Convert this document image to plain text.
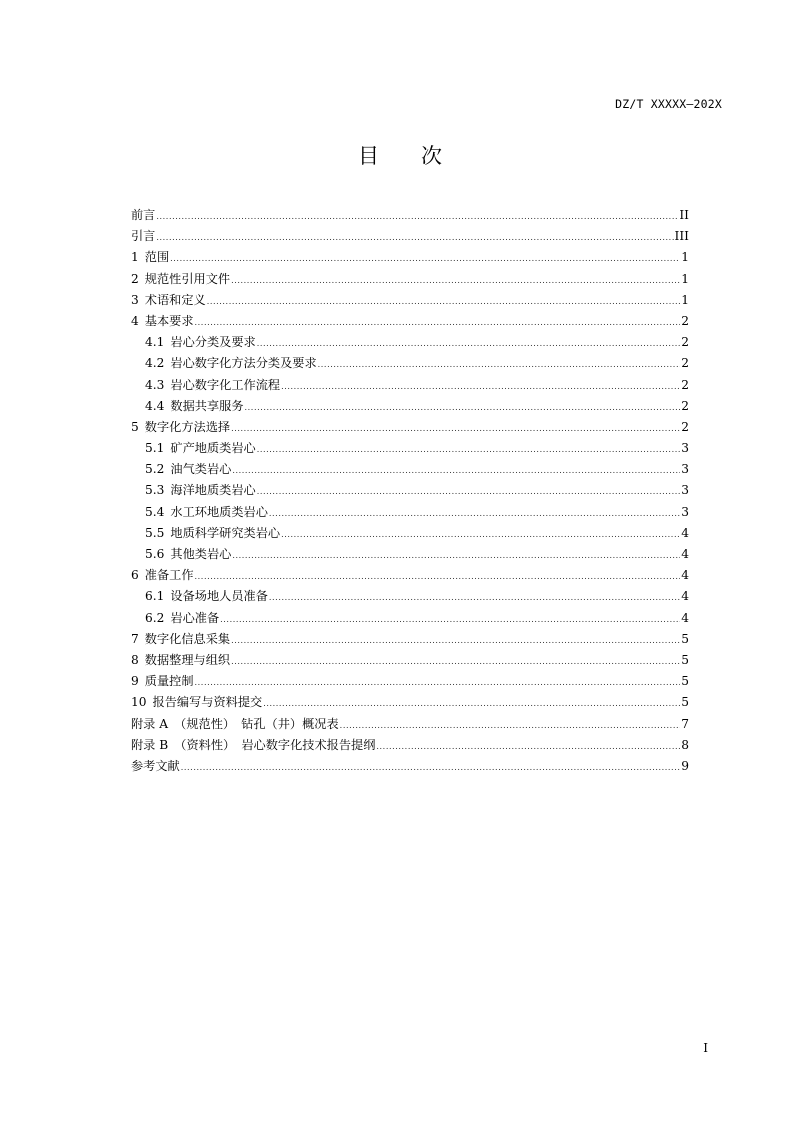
DZ/T XXXXX—202X
目 次
前言 .....	II
引言 .....	III
1 范围 .....	1
2 规范性引用文件 .....	1
3 术语和定义 .....	1
4 基本要求 .....	2
4.1 岩心分类及要求 .....	2
4.2 岩心数字化方法分类及要求 .....	2
4.3 岩心数字化工作流程 .....	2
4.4 数据共享服务 .....	2
5 数字化方法选择 .....	2
5.1 矿产地质类岩心 .....	3
5.2 油气类岩心 .....	3
5.3 海洋地质类岩心 .....	3
5.4 水工环地质类岩心 .....	3
5.5 地质科学研究类岩心 .....	4
5.6 其他类岩心 .....	4
6 准备工作 .....	4
6.1 设备场地人员准备 .....	4
6.2 岩心准备 .....	4
7 数字化信息采集 .....	5
8 数据整理与组织 .....	5
9 质量控制 .....	5
10 报告编写与资料提交 .....	5
附录 A　（规范性）　钻孔（井）概况表 .....	7
附录 B　（资料性）　岩心数字化技术报告提纲 .....	8
参考文献 .....	9
I
